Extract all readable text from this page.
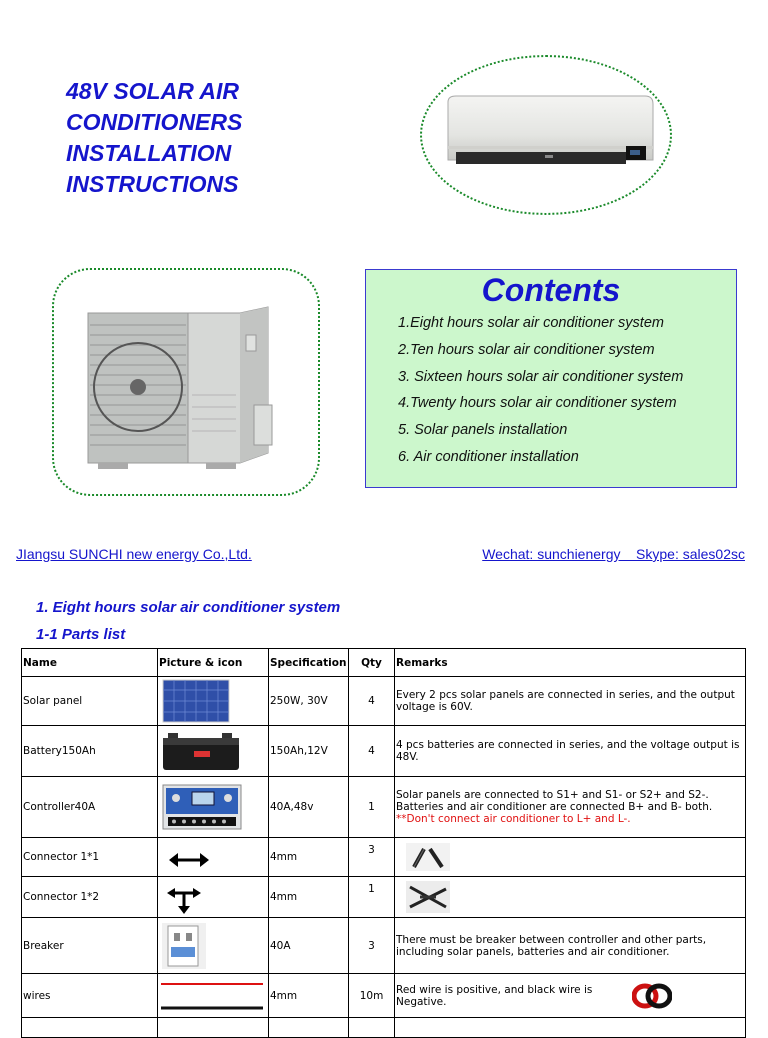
48V SOLAR AIR
CONDITIONERS
INSTALLATION
INSTRUCTIONS
Contents
1.Eight hours solar air conditioner system
2.Ten hours solar air conditioner system
3. Sixteen hours solar air conditioner system
4.Twenty hours solar air conditioner system
5. Solar panels installation
6. Air conditioner installation
JIangsu SUNCHI new energy Co.,Ltd.	Wechat: sunchienergy    Skype: sales02sc
1. Eight hours solar air conditioner system
1-1 Parts list
Name	Picture & icon	Specification	Qty	Remarks
Solar panel		250W, 30V	4	Every 2 pcs solar panels are connected in series, and the output voltage is 60V.
Battery150Ah		150Ah,12V	4	4 pcs batteries are connected in series, and the voltage output is 48V.
Controller40A		40A,48v	1	Solar panels are connected to S1+ and S1- or S2+ and S2-. Batteries and air conditioner are connected B+ and B- both.
**Don't connect air conditioner to L+ and L-.

Connector 1*1		4mm	3	

Connector 1*2		4mm	1	

Breaker		40A	3	There must be breaker between controller and other parts, including solar panels, batteries and air conditioner.
wires		4mm	10m	Red wire is positive, and black wire is Negative.
